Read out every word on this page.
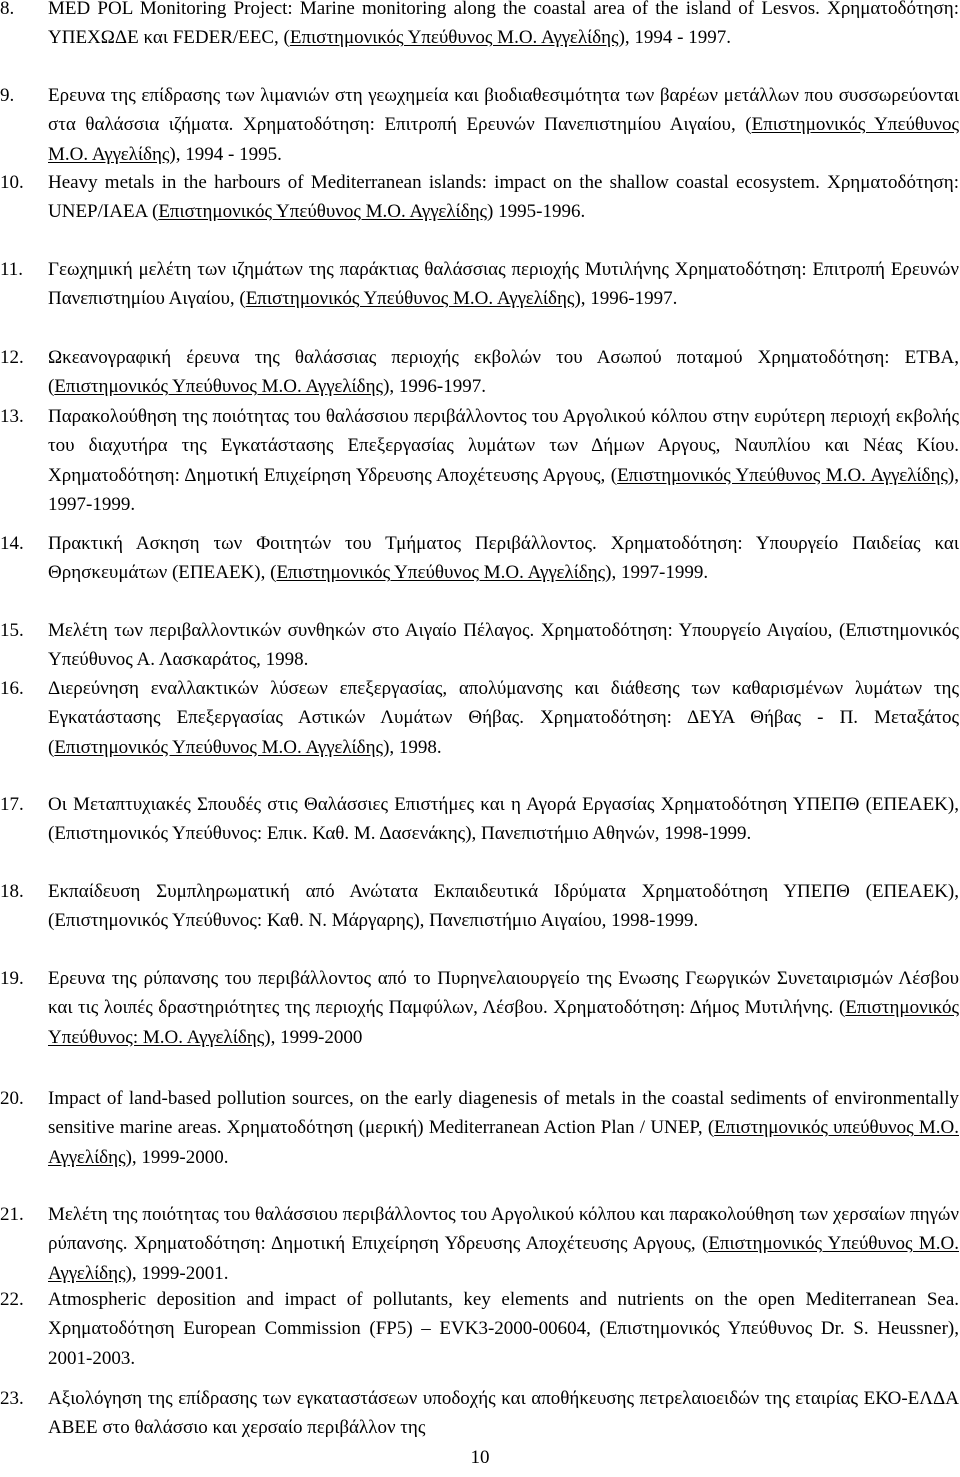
8. MED POL Monitoring Project: Marine monitoring along the coastal area of the island of Lesvos. Χρηματοδότηση: ΥΠΕΧΩΔΕ και FEDER/EEC, (Επιστημονικός Υπεύθυνος Μ.Ο. Αγγελίδης), 1994 - 1997.
9. Ερευνα της επίδρασης των λιμανιών στη γεωχημεία και βιοδιαθεσιμότητα των βαρέων μετάλλων που συσσωρεύονται στα θαλάσσια ιζήματα. Χρηματοδότηση: Επιτροπή Ερευνών Πανεπιστημίου Αιγαίου, (Επιστημονικός Υπεύθυνος Μ.Ο. Αγγελίδης), 1994 - 1995.
10. Heavy metals in the harbours of Mediterranean islands: impact on the shallow coastal ecosystem. Χρηματοδότηση: UNEP/IAEA (Επιστημονικός Υπεύθυνος Μ.Ο. Αγγελίδης) 1995-1996.
11. Γεωχημική μελέτη των ιζημάτων της παράκτιας θαλάσσιας περιοχής Μυτιλήνης Χρηματοδότηση: Επιτροπή Ερευνών Πανεπιστημίου Αιγαίου, (Επιστημονικός Υπεύθυνος Μ.Ο. Αγγελίδης), 1996-1997.
12. Ωκεανογραφική έρευνα της θαλάσσιας περιοχής εκβολών του Ασωπού ποταμού Χρηματοδότηση: ETBA, (Επιστημονικός Υπεύθυνος Μ.Ο. Αγγελίδης), 1996-1997.
13. Παρακολούθηση της ποιότητας του θαλάσσιου περιβάλλοντος του Αργολικού κόλπου στην ευρύτερη περιοχή εκβολής του διαχυτήρα της Εγκατάστασης Επεξεργασίας λυμάτων των Δήμων Αργους, Ναυπλίου και Νέας Κίου. Χρηματοδότηση: Δημοτική Επιχείρηση Υδρευσης Αποχέτευσης Αργους, (Επιστημονικός Υπεύθυνος Μ.Ο. Αγγελίδης), 1997-1999.
14. Πρακτική Ασκηση των Φοιτητών του Τμήματος Περιβάλλοντος. Χρηματοδότηση: Υπουργείο Παιδείας και Θρησκευμάτων (ΕΠΕΑΕΚ), (Επιστημονικός Υπεύθυνος Μ.Ο. Αγγελίδης), 1997-1999.
15. Μελέτη των περιβαλλοντικών συνθηκών στο Αιγαίο Πέλαγος. Χρηματοδότηση: Υπουργείο Αιγαίου, (Επιστημονικός Υπεύθυνος Α. Λασκαράτος, 1998.
16. Διερεύνηση εναλλακτικών λύσεων επεξεργασίας, απολύμανσης και διάθεσης των καθαρισμένων λυμάτων της Εγκατάστασης Επεξεργασίας Αστικών Λυμάτων Θήβας. Χρηματοδότηση: ΔΕΥΑ Θήβας - Π. Μεταξάτος (Επιστημονικός Υπεύθυνος Μ.Ο. Αγγελίδης), 1998.
17. Οι Μεταπτυχιακές Σπουδές στις Θαλάσσιες Επιστήμες και η Αγορά Εργασίας Χρηματοδότηση ΥΠΕΠΘ (ΕΠΕΑΕΚ), (Επιστημονικός Υπεύθυνος: Επικ. Καθ. Μ. Δασενάκης), Πανεπιστήμιο Αθηνών, 1998-1999.
18. Εκπαίδευση Συμπληρωματική από Ανώτατα Εκπαιδευτικά Ιδρύματα Χρηματοδότηση ΥΠΕΠΘ (ΕΠΕΑΕΚ), (Επιστημονικός Υπεύθυνος: Καθ. Ν. Μάργαρης), Πανεπιστήμιο Αιγαίου, 1998-1999.
19. Ερευνα της ρύπανσης του περιβάλλοντος από το Πυρηνελαιουργείο της Ενωσης Γεωργικών Συνεταιρισμών Λέσβου και τις λοιπές δραστηριότητες της περιοχής Παμφύλων, Λέσβου. Χρηματοδότηση: Δήμος Μυτιλήνης. (Επιστημονικός Υπεύθυνος: Μ.Ο. Αγγελίδης), 1999-2000
20. Impact of land-based pollution sources, on the early diagenesis of metals in the coastal sediments of environmentally sensitive marine areas. Χρηματοδότηση (μερική) Mediterranean Action Plan / UNEP, (Επιστημονικός υπεύθυνος Μ.Ο. Αγγελίδης), 1999-2000.
21. Μελέτη της ποιότητας του θαλάσσιου περιβάλλοντος του Αργολικού κόλπου και παρακολούθηση των χερσαίων πηγών ρύπανσης. Χρηματοδότηση: Δημοτική Επιχείρηση Υδρευσης Αποχέτευσης Αργους, (Επιστημονικός Υπεύθυνος Μ.Ο. Αγγελίδης), 1999-2001.
22. Atmospheric deposition and impact of pollutants, key elements and nutrients on the open Mediterranean Sea. Χρηματοδότηση European Commission (FP5) – EVK3-2000-00604, (Επιστημονικός Υπεύθυνος Dr. S. Heussner), 2001-2003.
23. Αξιολόγηση της επίδρασης των εγκαταστάσεων υποδοχής και αποθήκευσης πετρελαιοειδών της εταιρίας ΕΚΟ-ΕΛΔΑ ΑΒΕΕ στο θαλάσσιο και χερσαίο περιβάλλον της
10
